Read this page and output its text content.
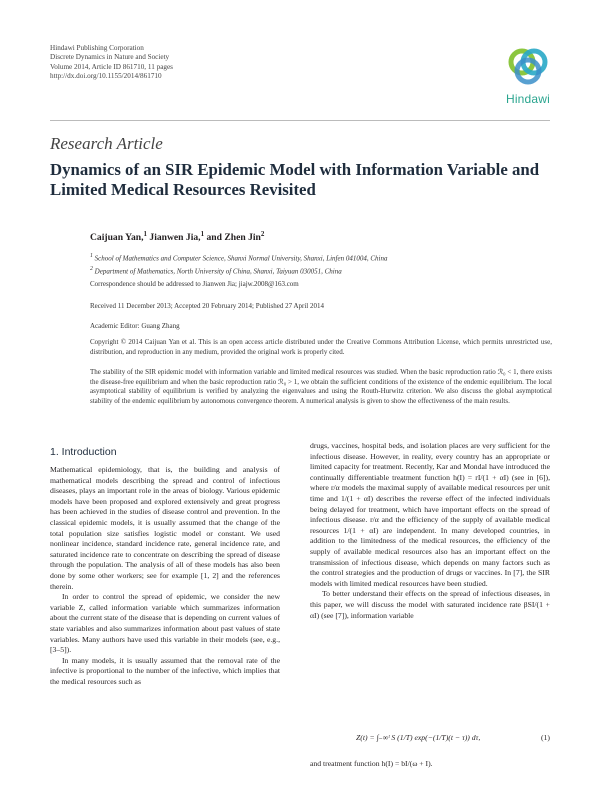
Hindawi Publishing Corporation
Discrete Dynamics in Nature and Society
Volume 2014, Article ID 861710, 11 pages
http://dx.doi.org/10.1155/2014/861710
Hindawi
Research Article
Dynamics of an SIR Epidemic Model with Information Variable and Limited Medical Resources Revisited
Caijuan Yan,$^1$ Jianwen Jia,$^1$ and Zhen Jin$^2$
$^1$ School of Mathematics and Computer Science, Shanxi Normal University, Shanxi, Linfen 041004, China
$^2$ Department of Mathematics, North University of China, Shanxi, Taiyuan 030051, China
Correspondence should be addressed to Jianwen Jia; jiajw.2008@163.com
Received 11 December 2013; Accepted 20 February 2014; Published 27 April 2014
Academic Editor: Guang Zhang
Copyright © 2014 Caijuan Yan et al. This is an open access article distributed under the Creative Commons Attribution License, which permits unrestricted use, distribution, and reproduction in any medium, provided the original work is properly cited.
The stability of the SIR epidemic model with information variable and limited medical resources was studied. When the basic reproduction ratio ℛ₀ < 1, there exists the disease-free equilibrium and when the basic reproduction ratio ℛ₀ > 1, we obtain the sufficient conditions of the existence of the endemic equilibrium. The local asymptotical stability of equilibrium is verified by analyzing the eigenvalues and using the Routh-Hurwitz criterion. We also discuss the global asymptotical stability of the endemic equilibrium by autonomous convergence theorem. A numerical analysis is given to show the effectiveness of the main results.
1. Introduction

Mathematical epidemiology, that is, the building and analysis of mathematical models describing the spread and control of infectious diseases, plays an important role in the areas of biology. Various epidemic models have been proposed and explored extensively and great progress has been achieved in the studies of disease control and prevention. In the classical epidemic models, it is usually assumed that the change of the total population size satisfies logistic model or constant. We used nonlinear incidence, standard incidence rate, general incidence rate, and saturated incidence rate to concentrate on describing the spread of disease through the population. The analysis of all of these models has also been done by some other workers; see for example [1, 2] and the references therein.

In order to control the spread of epidemic, we consider the new variable Z, called information variable which summarizes information about the current state of the disease that is depending on current values of state variables and also summarizes information about past values of state variables. Many authors have used this variable in their models (see, e.g., [3–5]).

In many models, it is usually assumed that the removal rate of the infective is proportional to the number of the infective, which implies that the medical resources such as

drugs, vaccines, hospital beds, and isolation places are very sufficient for the infectious disease. However, in reality, every country has an appropriate or limited capacity for treatment. Recently, Kar and Mondal have introduced the continually differentiable treatment function h(I) = rI/(1 + αI) (see in [6]), where r/α models the maximal supply of available medical resources per unit time and 1/(1 + αI) describes the reverse effect of the infected individuals being delayed for treatment, which have important effects on the spread of infectious disease. r/α and the efficiency of the supply of available medical resources 1/(1 + αI) are independent. In many developed countries, in addition to the limitedness of the medical resources, the efficiency of the supply of available medical resources also has an important effect on the transmission of infectious disease, which depends on many factors such as the control strategies and the production of drugs or vaccines. In [7], the SIR models with limited medical resources have been studied.

To better understand their effects on the spread of infectious diseases, in this paper, we will discuss the model with saturated incidence rate βSI/(1 + αI) (see [7]), information variable

Z(t) = ∫₋∞ᵗ S (1/T) exp(−(1/T)(t − τ)) dτ,	(1)
and treatment function h(I) = bI/(ω + I).
